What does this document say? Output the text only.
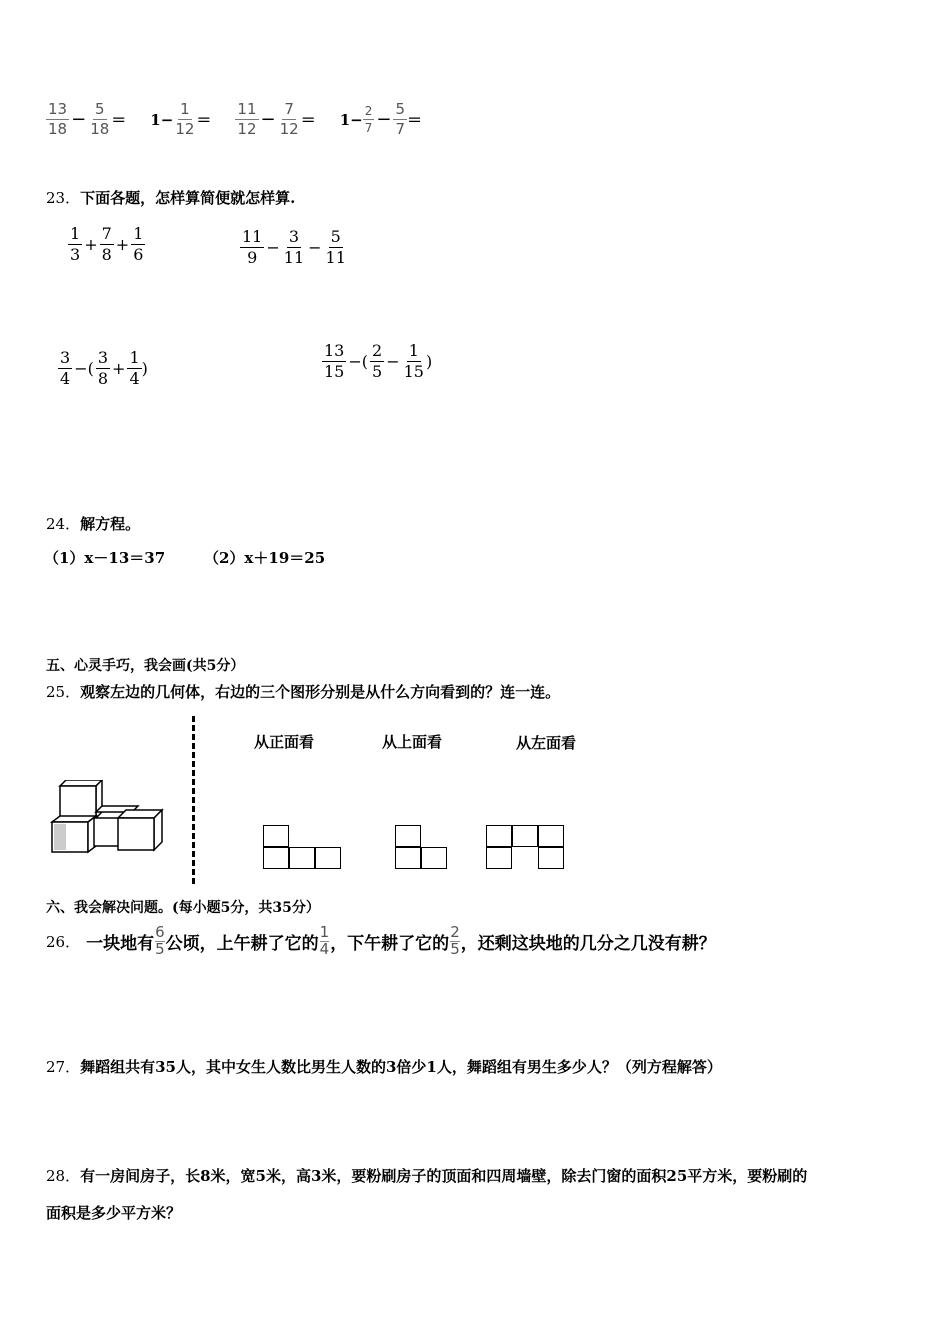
$\frac{13}{18} - \frac{5}{18} = 1- \frac{1}{12} = \frac{11}{12} - \frac{7}{12} = 1- \frac{2}{7} - \frac{5}{7}$ ＝
23．下面各题，怎样算简便就怎样算.
$\frac{1}{3} + \frac{7}{8} + \frac{1}{6}$	$\frac{11}{9} - \frac{3}{11} - \frac{5}{11}$
$\frac{3}{4}$ −( $\frac{3}{8} + \frac{1}{4}$ )	$\frac{13}{15}$ −( $\frac{2}{5} - \frac{1}{15}$ )
24．解方程。
（1）x－13＝37	（2）x＋19＝25
五、心灵手巧，我会画(共5分）
25．观察左边的几何体，右边的三个图形分别是从什么方向看到的？连一连。
从正面看	从上面看	从左面看
六、我会解决问题。(每小题5分，共35分）
26． 一块地有
6
5 公顷，上午耕了它的
1
4 ，下午耕了它的
2
5 ，还剩这块地的几分之几没有耕？
27．舞蹈组共有35人，其中女生人数比男生人数的3倍少1人，舞蹈组有男生多少人？（列方程解答）
28．有一房间房子，长8米，宽5米，高3米，要粉刷房子的顶面和四周墙壁，除去门窗的面积25平方米，要粉刷的
面积是多少平方米？
